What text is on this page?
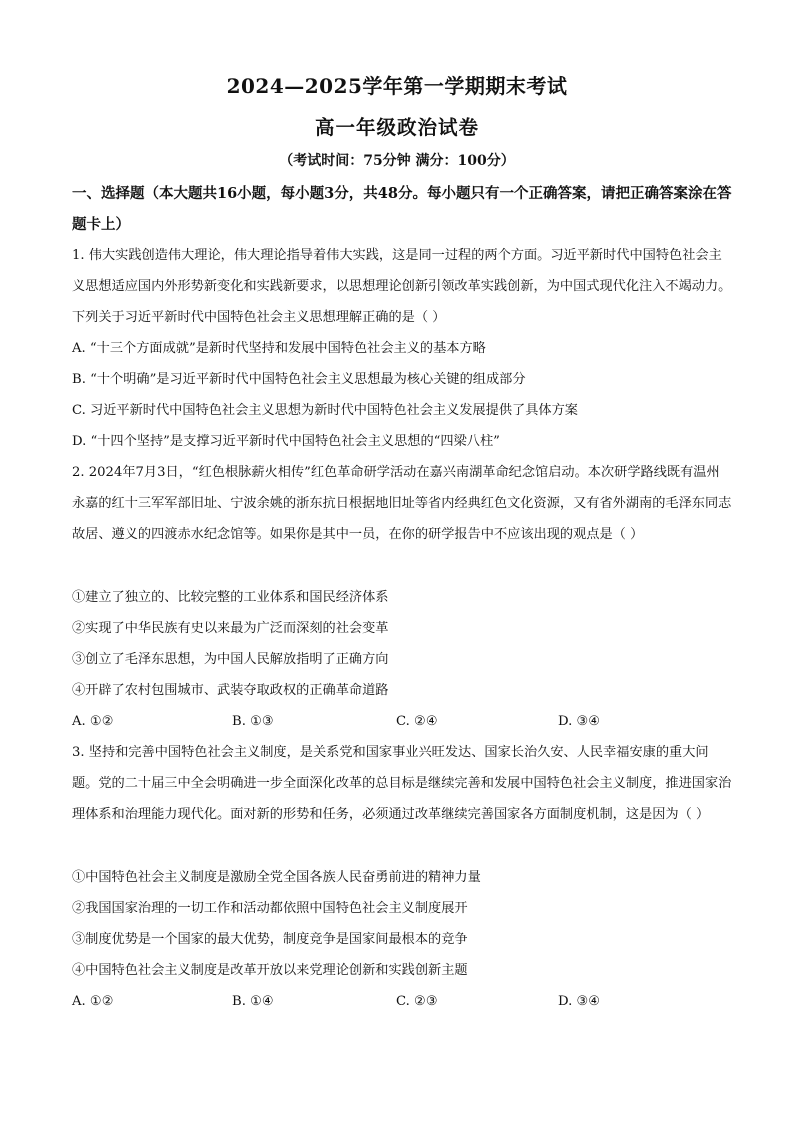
2024—2025学年第一学期期末考试
高一年级政治试卷
（考试时间：75分钟 满分：100分）
一、选择题（本大题共16小题，每小题3分，共48分。每小题只有一个正确答案，请把正确答案涂在答题卡上）
1. 伟大实践创造伟大理论，伟大理论指导着伟大实践，这是同一过程的两个方面。习近平新时代中国特色社会主义思想适应国内外形势新变化和实践新要求，以思想理论创新引领改革实践创新，为中国式现代化注入不竭动力。下列关于习近平新时代中国特色社会主义思想理解正确的是（ ）
A. “十三个方面成就”是新时代坚持和发展中国特色社会主义的基本方略
B. “十个明确”是习近平新时代中国特色社会主义思想最为核心关键的组成部分
C. 习近平新时代中国特色社会主义思想为新时代中国特色社会主义发展提供了具体方案
D. “十四个坚持”是支撑习近平新时代中国特色社会主义思想的“四梁八柱”
2. 2024年7月3日，“红色根脉薪火相传”红色革命研学活动在嘉兴南湖革命纪念馆启动。本次研学路线既有温州永嘉的红十三军军部旧址、宁波余姚的浙东抗日根据地旧址等省内经典红色文化资源，又有省外湖南的毛泽东同志故居、遵义的四渡赤水纪念馆等。如果你是其中一员，在你的研学报告中不应该出现的观点是（ ）
①建立了独立的、比较完整的工业体系和国民经济体系
②实现了中华民族有史以来最为广泛而深刻的社会变革
③创立了毛泽东思想，为中国人民解放指明了正确方向
④开辟了农村包围城市、武装夺取政权的正确革命道路
A. ①②	B. ①③	C. ②④	D. ③④
3. 坚持和完善中国特色社会主义制度，是关系党和国家事业兴旺发达、国家长治久安、人民幸福安康的重大问题。党的二十届三中全会明确进一步全面深化改革的总目标是继续完善和发展中国特色社会主义制度，推进国家治理体系和治理能力现代化。面对新的形势和任务，必须通过改革继续完善国家各方面制度机制，这是因为（ ）
①中国特色社会主义制度是激励全党全国各族人民奋勇前进的精神力量
②我国国家治理的一切工作和活动都依照中国特色社会主义制度展开
③制度优势是一个国家的最大优势，制度竞争是国家间最根本的竞争
④中国特色社会主义制度是改革开放以来党理论创新和实践创新主题
A. ①②	B. ①④	C. ②③	D. ③④
